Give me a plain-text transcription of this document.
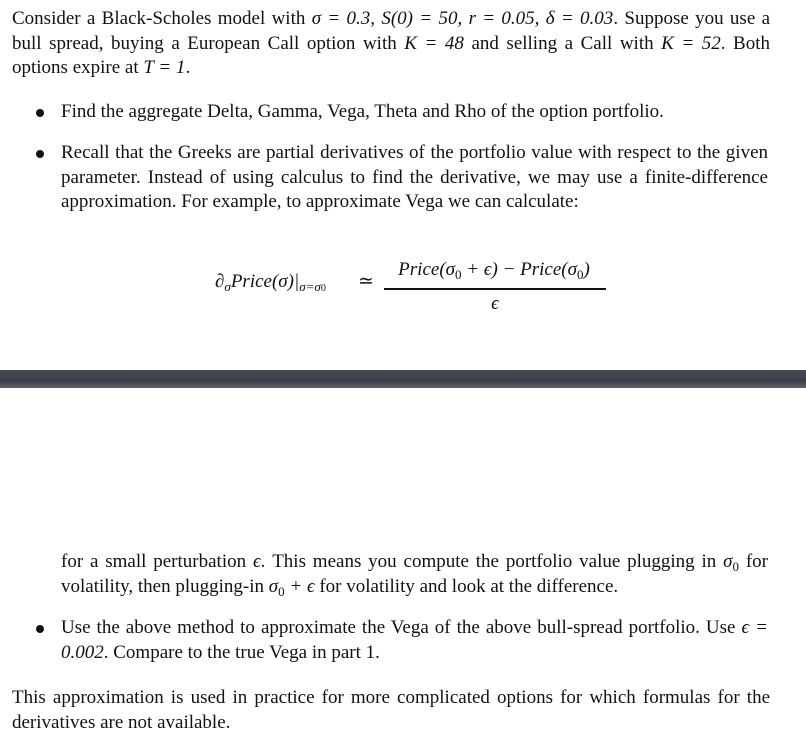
Consider a Black-Scholes model with σ = 0.3, S(0) = 50, r = 0.05, δ = 0.03. Suppose you use a bull spread, buying a European Call option with K = 48 and selling a Call with K = 52. Both options expire at T = 1.
Find the aggregate Delta, Gamma, Vega, Theta and Rho of the option portfolio.
Recall that the Greeks are partial derivatives of the portfolio value with respect to the given parameter. Instead of using calculus to find the derivative, we may use a finite-difference approximation. For example, to approximate Vega we can calculate:
$\partial_\sigma Price(\sigma)|_{\sigma=\sigma 0}$ ≃
$Price(\sigma_0 + \epsilon)$ − $Price(\sigma_0)$
ϵ
for a small perturbation ϵ. This means you compute the portfolio value plugging in $\sigma_0$ for volatility, then plugging-in $\sigma_0 + \epsilon$ for volatility and look at the difference.
Use the above method to approximate the Vega of the above bull-spread portfolio. Use ϵ = 0.002. Compare to the true Vega in part 1.
This approximation is used in practice for more complicated options for which formulas for the derivatives are not available.
